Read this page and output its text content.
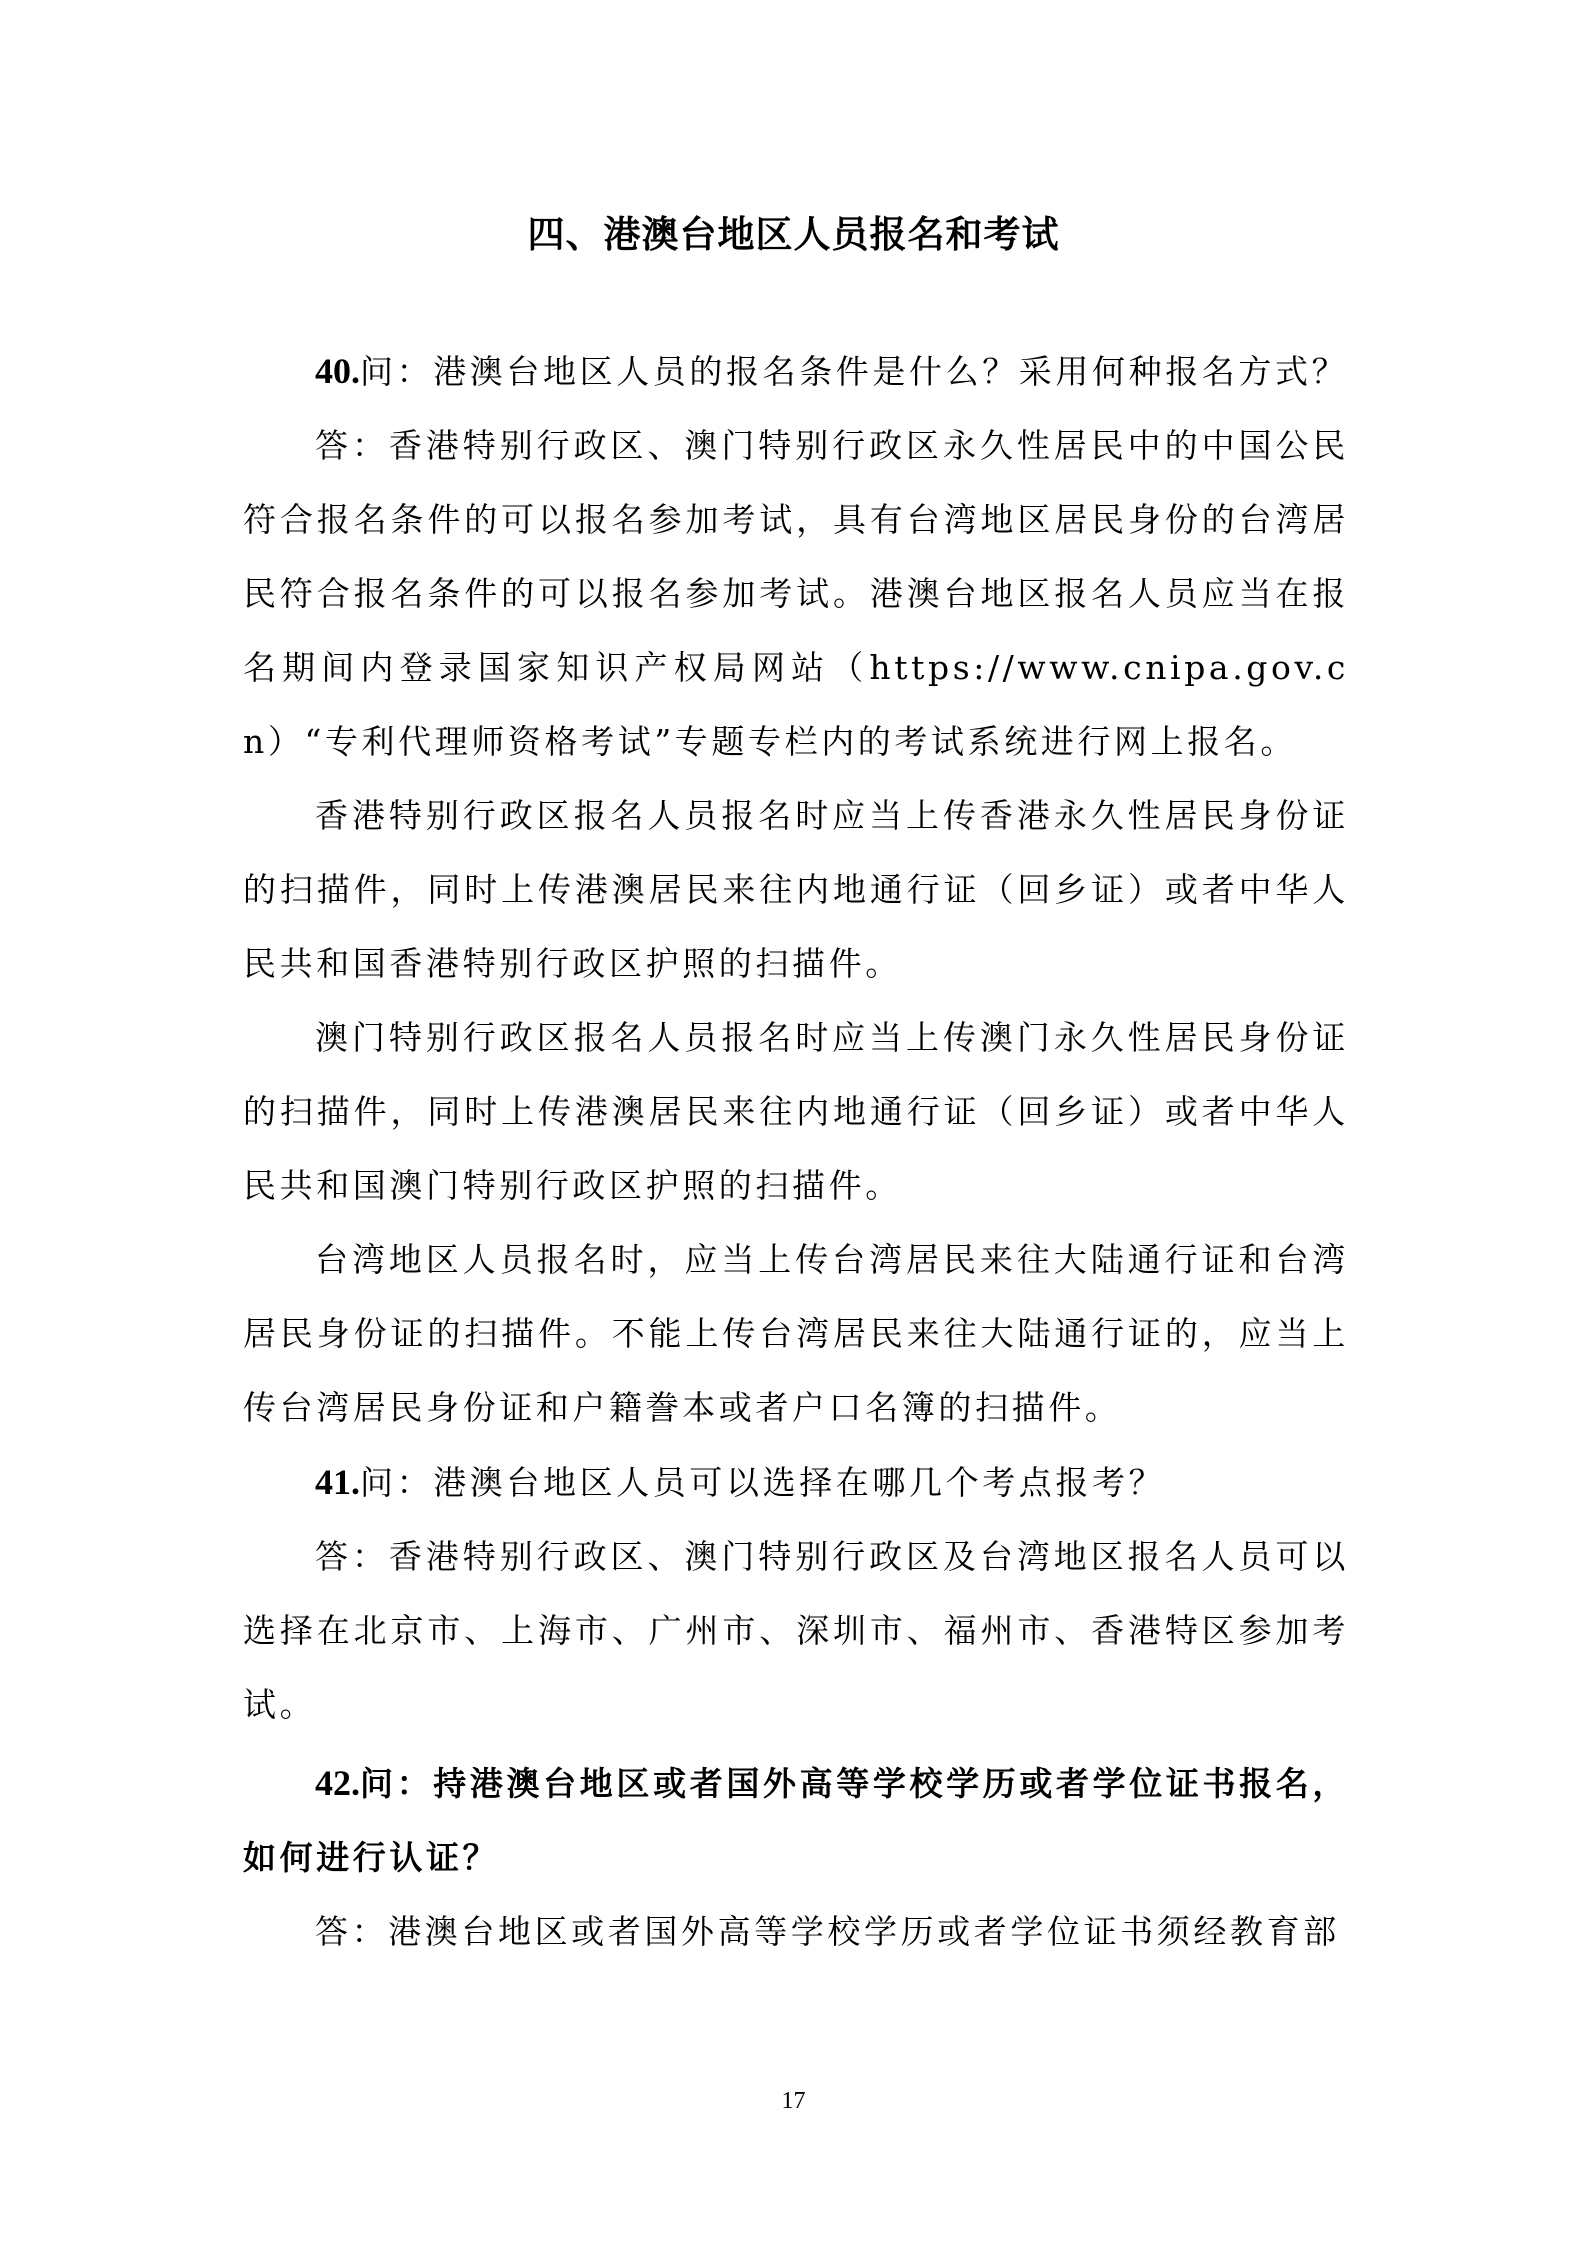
四、港澳台地区人员报名和考试

40.问：港澳台地区人员的报名条件是什么？采用何种报名方式？

答：香港特别行政区、澳门特别行政区永久性居民中的中国公民符合报名条件的可以报名参加考试，具有台湾地区居民身份的台湾居民符合报名条件的可以报名参加考试。港澳台地区报名人员应当在报名期间内登录国家知识产权局网站（https://www.cnipa.gov.cn）“专利代理师资格考试”专题专栏内的考试系统进行网上报名。

香港特别行政区报名人员报名时应当上传香港永久性居民身份证的扫描件，同时上传港澳居民来往内地通行证（回乡证）或者中华人民共和国香港特别行政区护照的扫描件。

澳门特别行政区报名人员报名时应当上传澳门永久性居民身份证的扫描件，同时上传港澳居民来往内地通行证（回乡证）或者中华人民共和国澳门特别行政区护照的扫描件。

台湾地区人员报名时，应当上传台湾居民来往大陆通行证和台湾居民身份证的扫描件。不能上传台湾居民来往大陆通行证的，应当上传台湾居民身份证和户籍誊本或者户口名簿的扫描件。

41.问：港澳台地区人员可以选择在哪几个考点报考？

答：香港特别行政区、澳门特别行政区及台湾地区报名人员可以选择在北京市、上海市、广州市、深圳市、福州市、香港特区参加考试。

42.问：持港澳台地区或者国外高等学校学历或者学位证书报名，如何进行认证？

答：港澳台地区或者国外高等学校学历或者学位证书须经教育部

17
